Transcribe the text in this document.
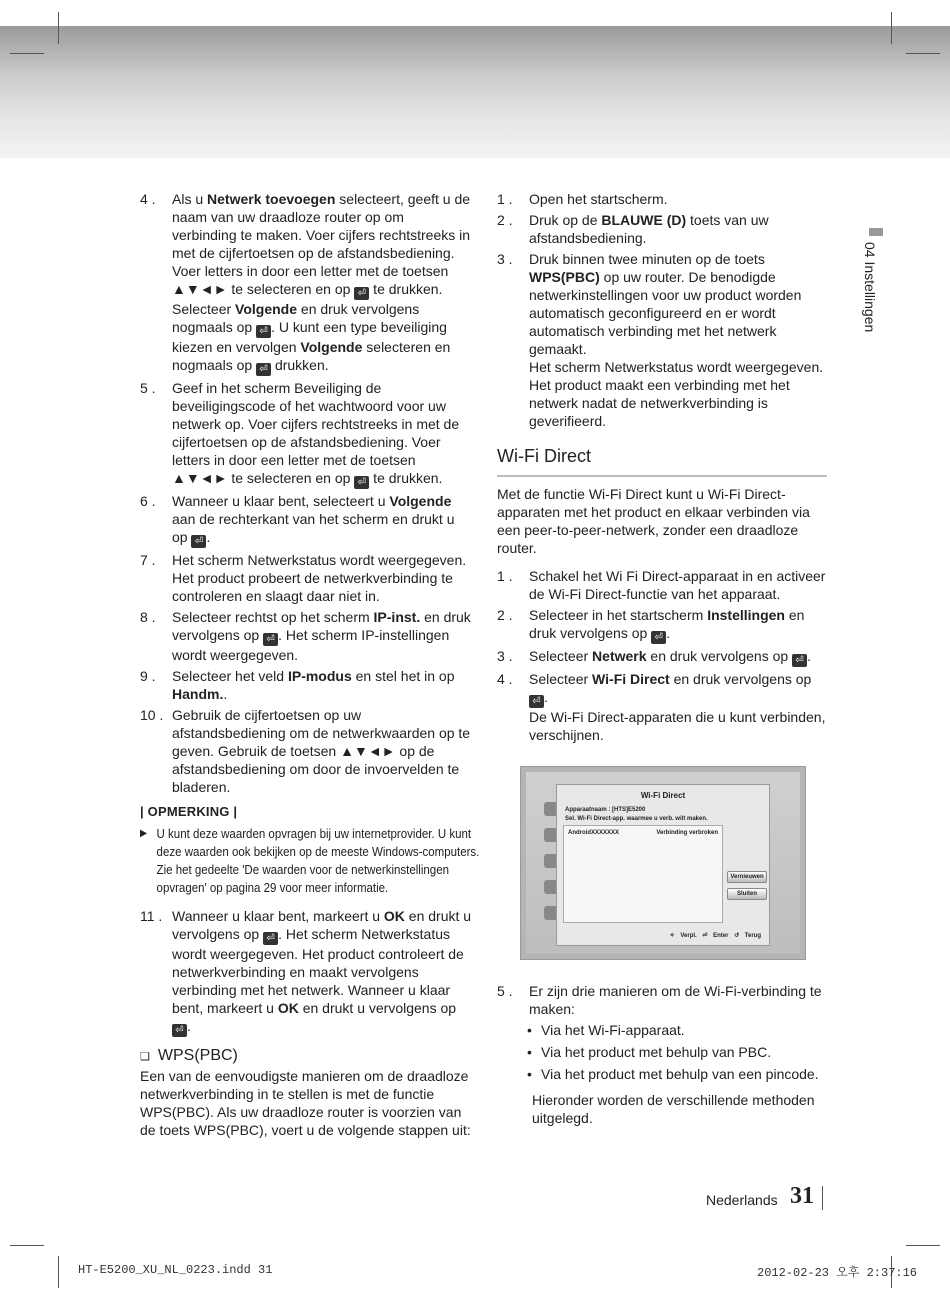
4 . Als u Netwerk toevoegen selecteert, geeft u de naam van uw draadloze router op om verbinding te maken. Voer cijfers rechtstreeks in met de cijfertoetsen op de afstandsbediening. Voer letters in door een letter met de toetsen ▲▼◄► te selecteren en op ⏎ te drukken. Selecteer Volgende en druk vervolgens nogmaals op ⏎ . U kunt een type beveiliging kiezen en vervolgen Volgende selecteren en nogmaals op ⏎ drukken.
5 . Geef in het scherm Beveiliging de beveiligingscode of het wachtwoord voor uw netwerk op. Voer cijfers rechtstreeks in met de cijfertoetsen op de afstandsbediening. Voer letters in door een letter met de toetsen ▲▼◄► te selecteren en op ⏎ te drukken.
6 . Wanneer u klaar bent, selecteert u Volgende aan de rechterkant van het scherm en drukt u op ⏎ .
7 . Het scherm Netwerkstatus wordt weergegeven. Het product probeert de netwerkverbinding te controleren en slaagt daar niet in.
8 . Selecteer rechtst op het scherm IP-inst. en druk vervolgens op ⏎ . Het scherm IP-instellingen wordt weergegeven.
9 . Selecteer het veld IP-modus en stel het in op Handm..
10 . Gebruik de cijfertoetsen op uw afstandsbediening om de netwerkwaarden op te geven. Gebruik de toetsen ▲▼◄► op de afstandsbediening om door de invoervelden te bladeren.
| OPMERKING |
▶ U kunt deze waarden opvragen bij uw internetprovider. U kunt deze waarden ook bekijken op de meeste Windows-computers. Zie het gedeelte 'De waarden voor de netwerkinstellingen opvragen' op pagina 29 voor meer informatie.
11 . Wanneer u klaar bent, markeert u OK en drukt u vervolgens op ⏎ . Het scherm Netwerkstatus wordt weergegeven. Het product controleert de netwerkverbinding en maakt vervolgens verbinding met het netwerk. Wanneer u klaar bent, markeert u OK en drukt u vervolgens op ⏎ .
❑ WPS(PBC)
Een van de eenvoudigste manieren om de draadloze netwerkverbinding in te stellen is met de functie WPS(PBC). Als uw draadloze router is voorzien van de toets WPS(PBC), voert u de volgende stappen uit:
1 . Open het startscherm.
2 . Druk op de BLAUWE (D) toets van uw afstandsbediening.
3 . Druk binnen twee minuten op de toets WPS(PBC) op uw router. De benodigde netwerkinstellingen voor uw product worden automatisch geconfigureerd en er wordt automatisch verbinding met het netwerk gemaakt.
Het scherm Netwerkstatus wordt weergegeven. Het product maakt een verbinding met het netwerk nadat de netwerkverbinding is geverifieerd.
Wi-Fi Direct
Met de functie Wi-Fi Direct kunt u Wi-Fi Direct-apparaten met het product en elkaar verbinden via een peer-to-peer-netwerk, zonder een draadloze router.
1 . Schakel het Wi Fi Direct-apparaat in en activeer de Wi-Fi Direct-functie van het apparaat.
2 . Selecteer in het startscherm Instellingen en druk vervolgens op ⏎ .
3 . Selecteer Netwerk en druk vervolgens op ⏎ .
4 . Selecteer Wi-Fi Direct en druk vervolgens op ⏎ .
De Wi-Fi Direct-apparaten die u kunt verbinden, verschijnen.
Wi-Fi Direct
Apparaatnaam : [HTS]E5200
Sel. Wi-Fi Direct-app. waarmee u verb. wilt maken.
AndroidXXXXXXX	Verbinding verbroken
Vernieuwen
Sluiten
✧ Verpl. ⏎ Enter ↺ Terug
5 . Er zijn drie manieren om de Wi-Fi-verbinding te maken:
• Via het Wi-Fi-apparaat.
• Via het product met behulp van PBC.
• Via het product met behulp van een pincode.
Hieronder worden de verschillende methoden uitgelegd.
04 Instellingen
Nederlands 31
HT-E5200_XU_NL_0223.indd 31	2012-02-23 오후 2:37:16
